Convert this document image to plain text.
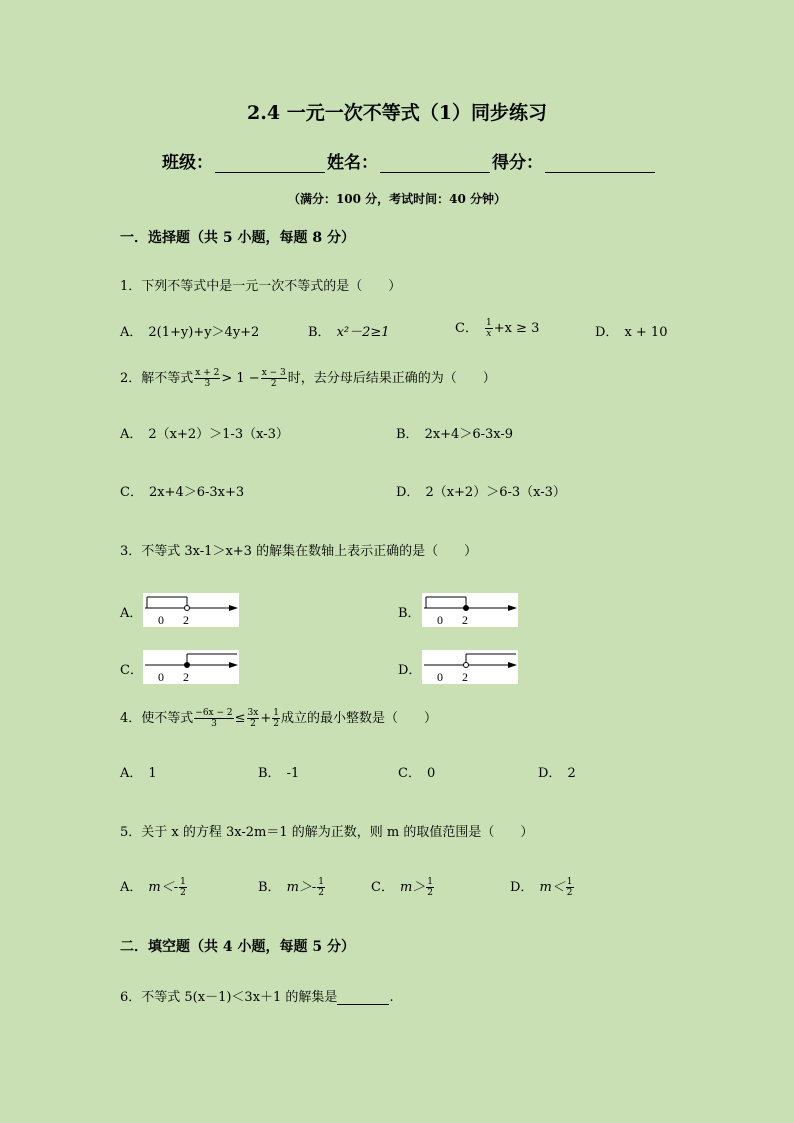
2.4 一元一次不等式（1）同步练习
班级：	姓名：	得分：
（满分：100 分，考试时间：40 分钟）
一．选择题（共 5 小题，每题 8 分）
1．下列不等式中是一元一次不等式的是（　　）
A． 2(1+y)+y＞4y+2	B． x²－2≥1	C． $\frac{1}{x} +x \ge 3$	D． x + 10
2．解不等式 $\frac{x + 2}{3} > 1 - \frac{x - 3}{2}$ 时，去分母后结果正确的为（　　）
A． 2（x+2）＞1-3（x-3）	B． 2x+4＞6-3x-9
C． 2x+4＞6-3x+3	D． 2（x+2）＞6-3（x-3）
3．不等式 3x-1＞x+3 的解集在数轴上表示正确的是（　　）
A．	0 2	B．	0 2
C．	0 2	D．	0 2
4．使不等式 $\frac{-6x - 2}{3} \le \frac{3x}{2} + \frac{1}{2}$ 成立的最小整数是（　　）
A． 1	B． -1	C． 0	D． 2
5．关于 x 的方程 3x-2m＝1 的解为正数，则 m 的取值范围是（　　）
A． $m<- \frac{1}{2}$	B． $m>- \frac{1}{2}$	C． $m> \frac{1}{2}$	D． $m< \frac{1}{2}$
二．填空题（共 4 小题，每题 5 分）
6．不等式 5(x－1)＜3x＋1 的解集是	.
